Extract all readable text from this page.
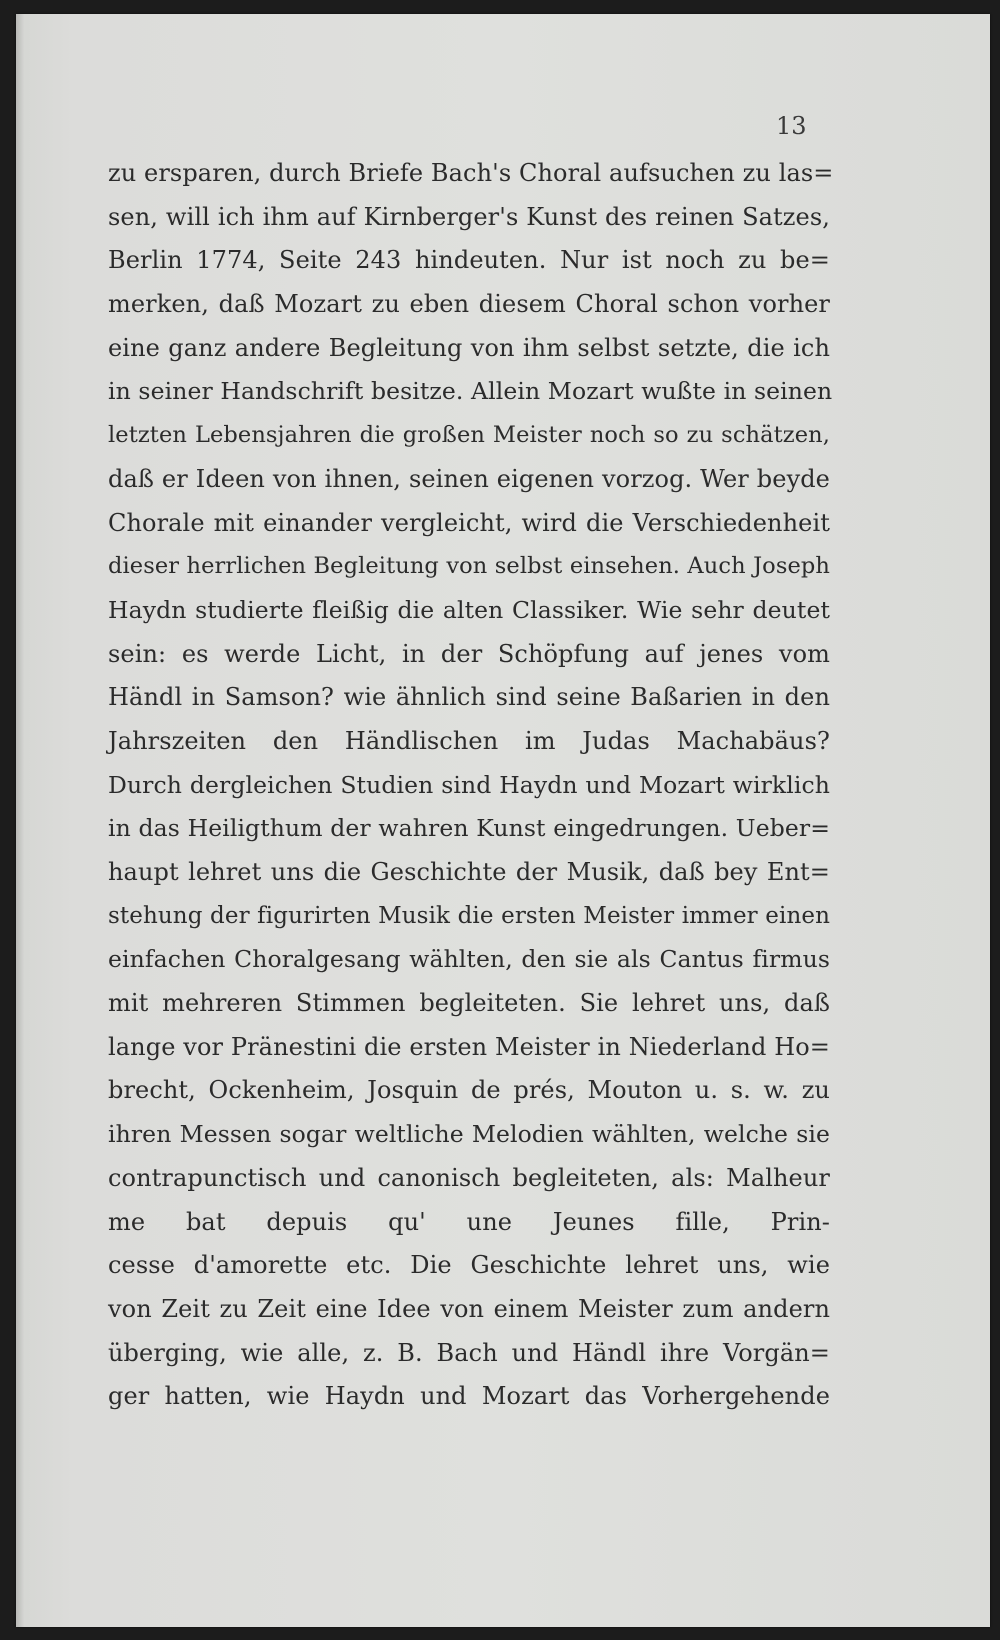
13
zu ersparen, durch Briefe Bach's Choral aufsuchen zu las=
sen, will ich ihm auf Kirnberger's Kunst des reinen Satzes,
Berlin 1774, Seite 243 hindeuten. Nur ist noch zu be=
merken, daß Mozart zu eben diesem Choral schon vorher
eine ganz andere Begleitung von ihm selbst setzte, die ich
in seiner Handschrift besitze. Allein Mozart wußte in seinen
letzten Lebensjahren die großen Meister noch so zu schätzen,
daß er Ideen von ihnen, seinen eigenen vorzog. Wer beyde
Chorale mit einander vergleicht, wird die Verschiedenheit
dieser herrlichen Begleitung von selbst einsehen. Auch Joseph
Haydn studierte fleißig die alten Classiker. Wie sehr deutet
sein: es werde Licht, in der Schöpfung auf jenes vom
Händl in Samson? wie ähnlich sind seine Baßarien in den
Jahrszeiten den Händlischen im Judas Machabäus?
Durch dergleichen Studien sind Haydn und Mozart wirklich
in das Heiligthum der wahren Kunst eingedrungen. Ueber=
haupt lehret uns die Geschichte der Musik, daß bey Ent=
stehung der figurirten Musik die ersten Meister immer einen
einfachen Choralgesang wählten, den sie als Cantus firmus
mit mehreren Stimmen begleiteten. Sie lehret uns, daß
lange vor Pränestini die ersten Meister in Niederland Ho=
brecht, Ockenheim, Josquin de prés, Mouton u. s. w. zu
ihren Messen sogar weltliche Melodien wählten, welche sie
contrapunctisch und canonisch begleiteten, als: Malheur
me bat depuis qu' une Jeunes fille, Prin-
cesse d'amorette etc. Die Geschichte lehret uns, wie
von Zeit zu Zeit eine Idee von einem Meister zum andern
überging, wie alle, z. B. Bach und Händl ihre Vorgän=
ger hatten, wie Haydn und Mozart das Vorhergehende
